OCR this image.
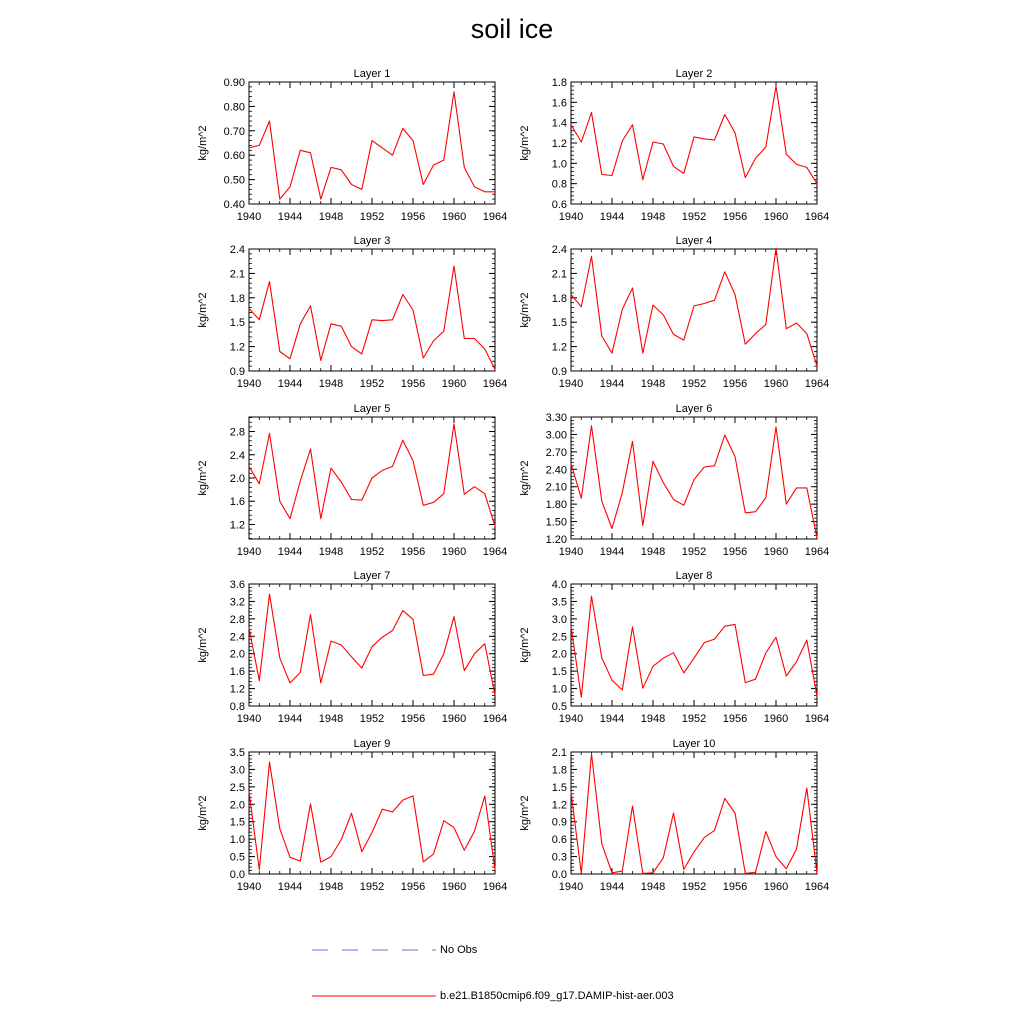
soil ice
Layer 1
1940 1944 1948 1952 1956 1960 1964
0.40
0.50
0.60
0.70
0.80
0.90
kg/m^2
Layer 2
1940 1944 1948 1952 1956 1960 1964
0.6
0.8
1.0
1.2
1.4
1.6
1.8
kg/m^2
Layer 3
1940 1944 1948 1952 1956 1960 1964
0.9
1.2
1.5
1.8
2.1
2.4
kg/m^2
Layer 4
1940 1944 1948 1952 1956 1960 1964
0.9
1.2
1.5
1.8
2.1
2.4
kg/m^2
Layer 5
1940 1944 1948 1952 1956 1960 1964
1.2
1.6
2.0
2.4
2.8
kg/m^2
Layer 6
1940 1944 1948 1952 1956 1960 1964
1.20
1.50
1.80
2.10
2.40
2.70
3.00
3.30
kg/m^2
Layer 7
1940 1944 1948 1952 1956 1960 1964
0.8
1.2
1.6
2.0
2.4
2.8
3.2
3.6
kg/m^2
Layer 8
1940 1944 1948 1952 1956 1960 1964
0.5
1.0
1.5
2.0
2.5
3.0
3.5
4.0
kg/m^2
Layer 9
1940 1944 1948 1952 1956 1960 1964
0.0
0.5
1.0
1.5
2.0
2.5
3.0
3.5
kg/m^2
Layer 10
1940 1944 1948 1952 1956 1960 1964
0.0
0.3
0.6
0.9
1.2
1.5
1.8
2.1
kg/m^2
No Obs
b.e21.B1850cmip6.f09_g17.DAMIP-hist-aer.003
